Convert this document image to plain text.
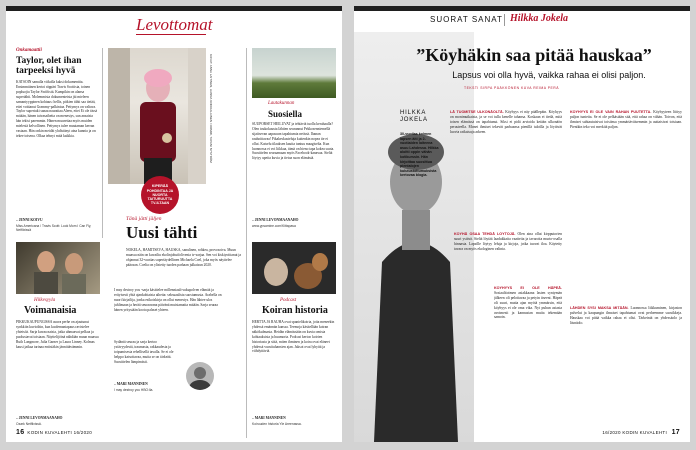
Levottomat
Onkamaattii
Taylor, olet ihan tarpeeksi hyvä
KATSOIN samalla viikolla kaksi dokumenttia. Ensimmäinen kertoi räppäri Travis Scottista, toinen popluojia Taylor Swiftistä. Kumpikin on alansa supertähti. Molemmista dokumenteista jäi mieleen samantyyppinen kohtaus: hellis, pitkien tähti saa tietää, ettei voittanut Grammy-palkintoa. Pettymys on valtava. Taylor supertuki sanaa naurattaa Aleen, ettei Ei ole tässä mitään, hänen taivasaiheita on menestys, sun ansaista hän tekisi paremmin. Hänen muurettaa myös muiden mielestä kelvollinen. Pettymys tulee muutaman kerran vastaan. Hän onkin meidät yhdistänyt aina kunnia ja on tekee toisena. Olkaa tehnyt mitä kaikkia.
– JENNI KOIVU
Miss Americana / Travis Scott: Look Mom I Can Fly, Netflixissä
KIPERÄÄ POHDINTAA JA NUORTA TAITURUUTTA TV-ILTAAN
KUVAT: ANNA LAITINEN, HANNA KOIKKALAINEN / ROMMI, TAPANI NYSTRÖM
Tänä jätti jäljen
Uusi tähti
NOKELA, HÄMITSEVÄ, HAUSKA, sanulinen, rohkea, provosoiva. Muun muassa näin on kuvailtu ekolinjohutfolivenia tv-sarjaa. Sen voi kiskiyoittanut ja ohjannut 32-vuotias supertäydellinen Michaela Coel, joka myös näyttelee pääosan. Coelia on ylistetty tuoden parhaan julkaisun 2020.
I may destroy you -sarja käsittelee millenniaali-sukupolven elämää ja erityisesti yhtä ajankohtaista aihetta: seksuaalista suostumusta. Arabella on nuori kirjailija, jonka esikoiskirja on ollut menestys. Hän lähtee ulos juhlimaan ja herää seuraavana päivänä muistamatta mitään. Sarja seuraa hänen yritystään koota palaset yhteen.
Sydäntä seuraa ja sarja kertoo ystävyydestä, traumasta, rakkaudesta ja toipumisesta rehellisellä tavalla. Se ei ole helppo katsottavaa, mutta se on tärkeää. Suosittelen lämpimästi.
– MARI MANNINEN
I may destroy you HBO:lla.
Hilkesyyla
Voimanaisia
PIKKUKAUPUNGISSA asuva perhe on ajautunut synkkiin kuvioihin, kun kuolemantapaus ravistelee yhteisöä. Sarja kuvaa naisia, jotka uhmaavat pelkoa ja puolustavat toisiaan. Näyttelijöinä nähdään muun muassa Ruth Langmore, Julia Garner ja Laura Linney. Kolmas kausi jatkaa tarinaa entistäkin jännittävämmin.
– JENNI LEVONMAANAHO
Ozark Netflixissä.
Lautakunnan
Suosiella
SUUPORSET HEILUVAT ja tehtäviä tuolla kerahaulla? Olen toukokuusta lähtien seurannut Pekkosenniemellä sijaitsevan aapasuon tapahtumia netissä. Ihanan rauhoittavaa! Pikakeskusteluja kuitenkin nopea tie ei ollut. Katselu tilauksen kautta tuntuu maagiselta. Kun luonnossa ei voi liikkua, tämä on hieno tapa kokea suota. Suosittelen seuraamaan myös Facebook-kanavaa. Sieltä löytyy upeita kuvia ja tietoa suon elämästä.
– JENNI LEVONMAANAHO
www.ypsamine.com/Kittapasa
Podcast
Koiran historia
HERTTA JA RAUHA ovat spanielikoiria, joita meneekin yhdessä emännän kanssa. Teemoja käsitellään koiran näkökulmasta. Heidän elämässään on kuvia omista kohtauksista ja huumoria. Podcast kertoo koirien historiasta ja siitä, miten ihminen ja koira ovat eläneet yhdessä vuosituhansien ajan. Jaksot ovat lyhyitä ja viihdyttäviä.
– MARI MANNINEN
Koiruuden historia Yle Areenassa.
16 KODIN KUVALEHTI 16/2020
SUORAT SANAT Hilkka Jokela
”Köyhäkin saa pitää hauskaa”
Lapsus voi olla hyvä, vaikka rahaa ei olisi paljon.
TEKSTI SIRPA PÄÄKKÖNEN KUVA REIMA PERÄ
HILKKA JOKELA
30-vuotias kolmen lapsen äiti ja 2-vuotiaiden laiteena asuu Lahdessa. Hilkka aloitti oppin vähän kotikurssin. Hän kirjoittaa suosittua pientalojen kulutustottumuksista kertovaa blogia.

LÄ TUOMITSE ULKONÄÖLTÄ. Köyhyys ei näy päällepäin. Köyhyys on monimutkaista, ja se voi tulla kenelle tahansa. Koskaan ei tiedä, mitä toisen elämässä on tapahtunut. Siksi ei pidä arvioida ketään ulkonäön perusteella. Monet ihmiset tekevät parhaansa pienillä tuloilla ja löytävät luovia ratkaisuja arkeen.

KÖYHÄ OSAA TEHDÄ LÖYTÖJÄ. Olen aina ollut kirpputorien suuri ystävä. Sieltä löytää laadukkaita vaatteita ja tavaroita murto-osalla hinnasta. Lapsille löytyy leluja ja kirjoja, jotka tuovat iloa. Käytetty tavara on myös ekologinen valinta.

KÖYHYYS EI OLE HÄPEÄ. Sosiaalitoimen asiakkaana lasten syntymän jälkeen oli pelottavaa ja petyin itseeni. Häpeä oli suuri, mutta ajan myötä ymmärsin, että köyhyys ei ole oma vika. Nyt puhun asiasta avoimesti ja kannustan muita tekemään samoin.

KÖYHYYS EI OLE VAIN RAHAN PUUTETTA. Köyhyyteen liittyy paljon tunteita. Se ei ole pelkästään sitä, että rahaa on vähän. Toivon, että ihmiset suhtautuisivat toisiinsa ymmärtäväisemmin ja auttaisivat toisiaan. Pienikin teko voi merkitä paljon.

LÄHDEN SYSI MAKSA MITÄÄN. Luonnossa liikkuminen, kirjaston palvelut ja kaupungin ilmaiset tapahtumat ovat perheemme suosikkeja. Hauskaa voi pitää vaikka rahaa ei olisi. Tärkeintä on yhdessäolo ja läsnäolo.

16/2020 KODIN KUVALEHTI 17
